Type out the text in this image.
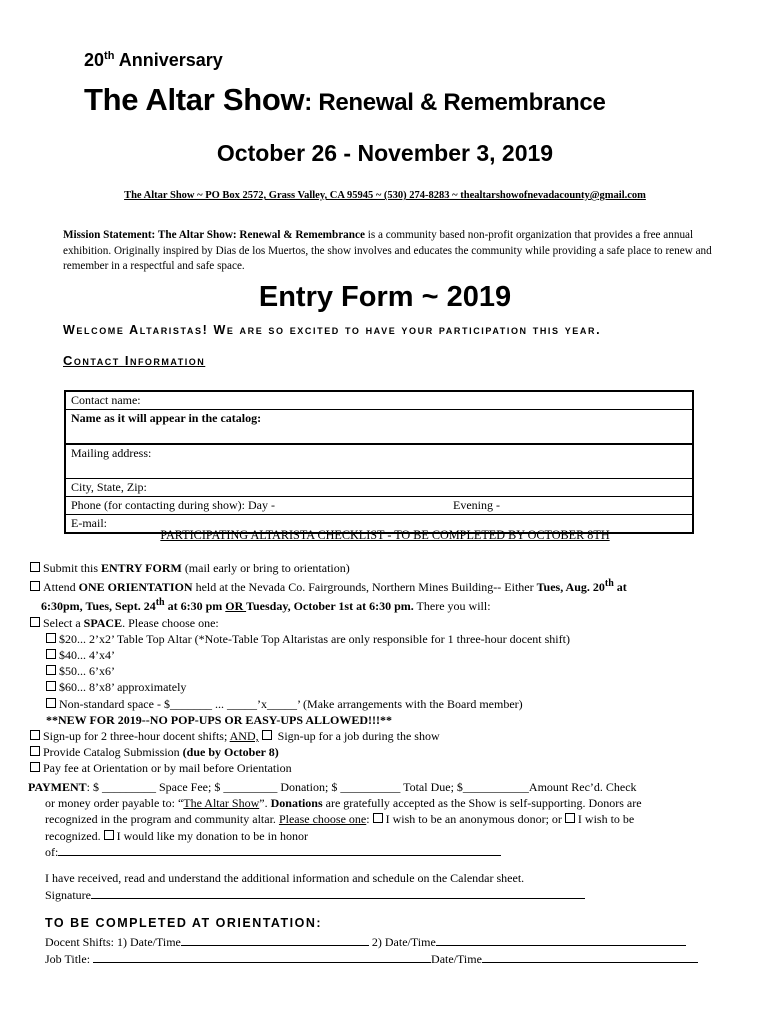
20th Anniversary
The Altar Show: Renewal & Remembrance
October 26 - November 3, 2019
The Altar Show ~ PO Box 2572, Grass Valley, CA 95945 ~ (530) 274-8283 ~ thealtarshowofnevadacounty@gmail.com
Mission Statement: The Altar Show: Renewal & Remembrance is a community based non-profit organization that provides a free annual exhibition. Originally inspired by Dias de los Muertos, the show involves and educates the community while providing a safe place to renew and remember in a respectful and safe space.
Entry Form ~ 2019
Welcome Altaristas! We are so excited to have your participation this year.
Contact Information
Contact name:
Name as it will appear in the catalog:
Mailing address:
City, State, Zip:
Phone (for contacting during show): Day -	Evening -
E-mail:
PARTICIPATING ALTARISTA CHECKLIST - TO BE COMPLETED BY OCTOBER 8TH
Submit this ENTRY FORM (mail early or bring to orientation)
Attend ONE ORIENTATION held at the Nevada Co. Fairgrounds, Northern Mines Building-- Either Tues, Aug. 20th at
6:30pm, Tues, Sept. 24th at 6:30 pm OR Tuesday, October 1st at 6:30 pm. There you will:
Select a SPACE. Please choose one:
$20... 2’x2’ Table Top Altar (*Note-Table Top Altaristas are only responsible for 1 three-hour docent shift)
$40... 4’x4’
$50... 6’x6’
$60... 8’x8’ approximately
Non-standard space - $_______ ... _____’x_____’ (Make arrangements with the Board member)
**NEW FOR 2019--NO POP-UPS OR EASY-UPS ALLOWED!!!**
Sign-up for 2 three-hour docent shifts; AND,  Sign-up for a job during the show
Provide Catalog Submission (due by October 8)
Pay fee at Orientation or by mail before Orientation
PAYMENT: $ _________ Space Fee; $ _________ Donation; $ __________ Total Due; $___________Amount Rec’d. Check
or money order payable to: “The Altar Show”. Donations are gratefully accepted as the Show is self-supporting. Donors are
recognized in the program and community altar. Please choose one: I wish to be an anonymous donor; or I wish to be
recognized. I would like my donation to be in honor
of:
I have received, read and understand the additional information and schedule on the Calendar sheet.
Signature
TO BE COMPLETED AT ORIENTATION:
Docent Shifts: 1) Date/Time	2) Date/Time
Job Title:	Date/Time
